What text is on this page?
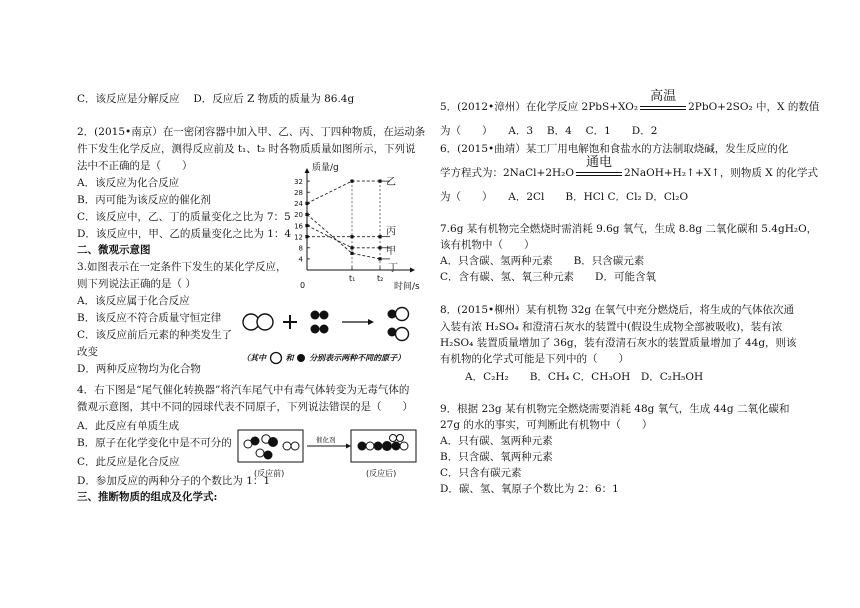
C．该反应是分解反应　 D．反应后 Z 物质的质量为 86.4g
2．(2015•南京）在一密闭容器中加入甲、乙、丙、丁四种物质，在运动条
件下发生化学反应，测得反应前及 t₁、t₂ 时各物质质量如图所示，下列说
法中不正确的是（　　）
A．该反应为化合反应
B．丙可能为该反应的催化剂
C．该反应中，乙、丁的质量变化之比为 7：5
D．该反应中，甲、乙的质量变化之比为 1：4
质量/g
时间/s
0
4
8
12
16
20
24
28
32
t₁	t₂
乙
丙
甲
丁
二、微观示意图
3.如图表示在一定条件下发生的某化学反应，
则下列说法正确的是（ ）
A．该反应属于化合反应
B．该反应不符合质量守恒定律
C．该反应前后元素的种类发生了
改变
D．两种反应物均为化合物
（其中 和 分别表示两种不同的原子）
4．右下图是“尾气催化转换器”将汽车尾气中有毒气体转变为无毒气体的
微观示意图，其中不同的园球代表不同原子，下列说法错误的是（　　）
A．此反应有单质生成
B．原子在化学变化中是不可分的
C．此反应是化合反应
D．参加反应的两种分子的个数比为 1：1
催化剂
(反应前)	(反应后)
三、推断物质的组成及化学式:
5．(2012•漳州）在化学反应 2PbS+XO₂
高温
2PbO+2SO₂ 中，X 的数值
为（　　）　　A．3　 B．4　 C．1　　D．2
6．(2015•曲靖）某工厂用电解饱和食盐水的方法制取烧碱，发生反应的化
学方程式为：2NaCl+2H₂O
通电
2NaOH+H₂↑+X↑，则物质 X 的化学式
为（　　）　　A．2Cl　　B．HCl C．Cl₂ D．Cl₂O
7.6g 某有机物完全燃烧时需消耗 9.6g 氧气，生成 8.8g 二氧化碳和 5.4gH₂O，
该有机物中（　　）
A．只含碳、氢两种元素　　B．只含碳元素
C．含有碳、氢、氧三种元素　　D．可能含氧
8．(2015•柳州）某有机物 32g 在氧气中充分燃烧后，将生成的气体依次通
入装有浓 H₂SO₄ 和澄清石灰水的装置中(假设生成物全部被吸收)，装有浓
H₂SO₄ 装置质量增加了 36g，装有澄清石灰水的装置质量增加了 44g，则该
有机物的化学式可能是下列中的（　　）
A．C₂H₂　　B．CH₄ C．CH₃OH　D．C₂H₅OH
9．根据 23g 某有机物完全燃烧需要消耗 48g 氧气，生成 44g 二氧化碳和
27g 的水的事实，可判断此有机物中（　　）
A．只有碳、氢两种元素
B．只含碳、氧两种元素
C．只含有碳元素
D．碳、氢、氧原子个数比为 2：6：1
